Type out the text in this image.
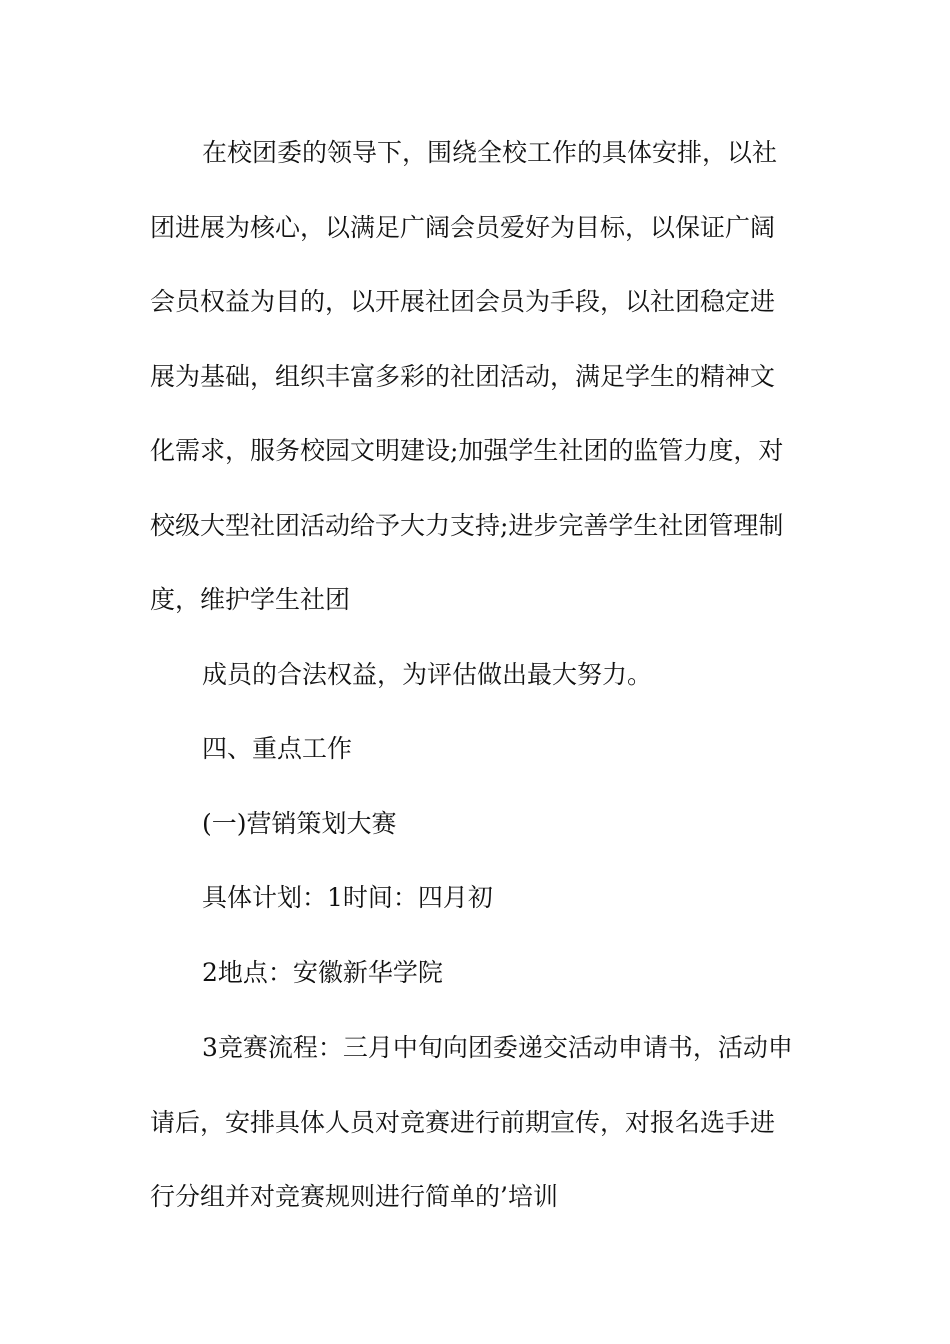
在校团委的领导下，围绕全校工作的具体安排，以社
团进展为核心，以满足广阔会员爱好为目标，以保证广阔
会员权益为目的，以开展社团会员为手段，以社团稳定进
展为基础，组织丰富多彩的社团活动，满足学生的精神文
化需求，服务校园文明建设;加强学生社团的监管力度，对
校级大型社团活动给予大力支持;进步完善学生社团管理制
度，维护学生社团
成员的合法权益，为评估做出最大努力。
四、重点工作
(一)营销策划大赛
具体计划：1时间：四月初
2地点：安徽新华学院
3竞赛流程：三月中旬向团委递交活动申请书，活动申
请后，安排具体人员对竞赛进行前期宣传，对报名选手进
行分组并对竞赛规则进行简单的’培训
